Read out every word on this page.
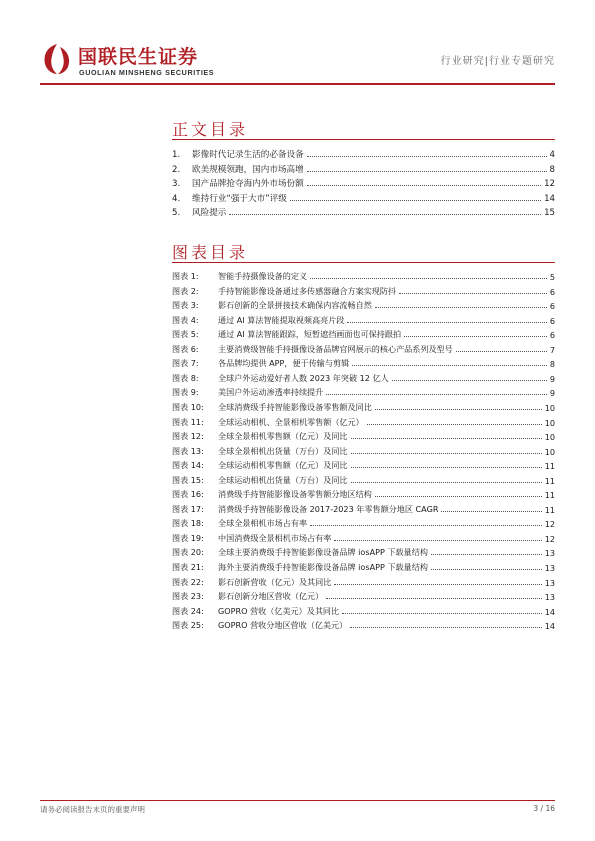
国联民生证券
GUOLIAN MINSHENG SECURITIES
行业研究|行业专题研究
正文目录
1.	影像时代记录生活的必备设备	4
2.	欧美规模领跑，国内市场高增	8
3.	国产品牌抢夺海内外市场份额	12
4.	维持行业“强于大市”评级	14
5.	风险提示	15
图表目录
图表 1:	智能手持摄像设备的定义	5
图表 2:	手持智能影像设备通过多传感器融合方案实现防抖	6
图表 3:	影石创新的全景拼接技术确保内容流畅自然	6
图表 4:	通过 AI 算法智能提取视频高亮片段	6
图表 5:	通过 AI 算法智能跟踪，短暂遮挡画面也可保持跟拍	6
图表 6:	主要消费级智能手持摄像设备品牌官网展示的核心产品系列及型号	7
图表 7:	各品牌均提供 APP，便于传输与剪辑	8
图表 8:	全球户外运动爱好者人数 2023 年突破 12 亿人	9
图表 9:	美国户外运动渗透率持续提升	9
图表 10:	全球消费级手持智能影像设备零售额及同比	10
图表 11:	全球运动相机、全景相机零售额（亿元）	10
图表 12:	全球全景相机零售额（亿元）及同比	10
图表 13:	全球全景相机出货量（万台）及同比	10
图表 14:	全球运动相机零售额（亿元）及同比	11
图表 15:	全球运动相机出货量（万台）及同比	11
图表 16:	消费级手持智能影像设备零售额分地区结构	11
图表 17:	消费级手持智能影像设备 2017-2023 年零售额分地区 CAGR	11
图表 18:	全球全景相机市场占有率	12
图表 19:	中国消费级全景相机市场占有率	12
图表 20:	全球主要消费级手持智能影像设备品牌 iosAPP 下载量结构	13
图表 21:	海外主要消费级手持智能影像设备品牌 iosAPP 下载量结构	13
图表 22:	影石创新营收（亿元）及其同比	13
图表 23:	影石创新分地区营收（亿元）	13
图表 24:	GOPRO 营收（亿美元）及其同比	14
图表 25:	GOPRO 营收分地区营收（亿美元）	14
请务必阅读报告末页的重要声明	3 / 16
